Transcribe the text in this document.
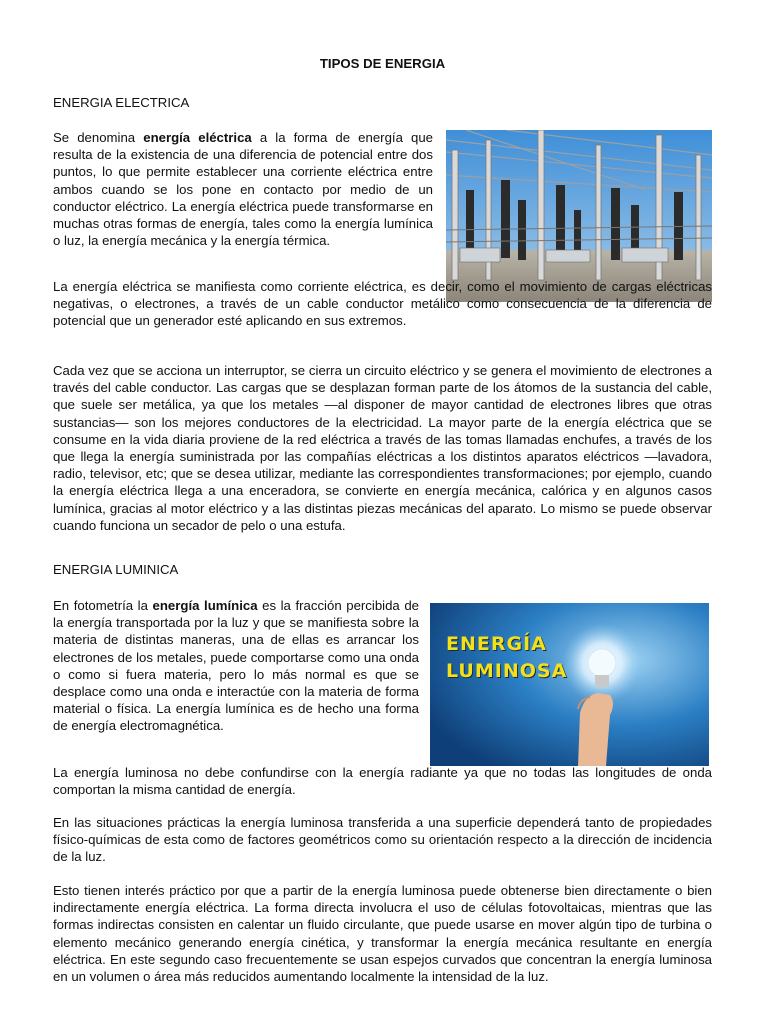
TIPOS DE ENERGIA
ENERGIA ELECTRICA

Se denomina energía eléctrica a la forma de energía que resulta de la existencia de una diferencia de potencial entre dos puntos, lo que permite establecer una corriente eléctrica entre ambos cuando se los pone en contacto por medio de un conductor eléctrico. La energía eléctrica puede transformarse en muchas otras formas de energía, tales como la energía lumínica o luz, la energía mecánica y la energía térmica.

La energía eléctrica se manifiesta como corriente eléctrica, es decir, como el movimiento de cargas eléctricas negativas, o electrones, a través de un cable conductor metálico como consecuencia de la diferencia de potencial que un generador esté aplicando en sus extremos.

Cada vez que se acciona un interruptor, se cierra un circuito eléctrico y se genera el movimiento de electrones a través del cable conductor. Las cargas que se desplazan forman parte de los átomos de la sustancia del cable, que suele ser metálica, ya que los metales —al disponer de mayor cantidad de electrones libres que otras sustancias— son los mejores conductores de la electricidad. La mayor parte de la energía eléctrica que se consume en la vida diaria proviene de la red eléctrica a través de las tomas llamadas enchufes, a través de los que llega la energía suministrada por las compañías eléctricas a los distintos aparatos eléctricos —lavadora, radio, televisor, etc; que se desea utilizar, mediante las correspondientes transformaciones; por ejemplo, cuando la energía eléctrica llega a una enceradora, se convierte en energía mecánica, calórica y en algunos casos lumínica, gracias al motor eléctrico y a las distintas piezas mecánicas del aparato. Lo mismo se puede observar cuando funciona un secador de pelo o una estufa.

ENERGIA LUMINICA
ENERGÍA
LUMINOSA

En fotometría la energía lumínica es la fracción percibida de la energía transportada por la luz y que se manifiesta sobre la materia de distintas maneras, una de ellas es arrancar los electrones de los metales, puede comportarse como una onda o como si fuera materia, pero lo más normal es que se desplace como una onda e interactúe con la materia de forma material o física. La energía lumínica es de hecho una forma de energía electromagnética.

La energía luminosa no debe confundirse con la energía radiante ya que no todas las longitudes de onda comportan la misma cantidad de energía.

En las situaciones prácticas la energía luminosa transferida a una superficie dependerá tanto de propiedades físico-químicas de esta como de factores geométricos como su orientación respecto a la dirección de incidencia de la luz.

Esto tienen interés práctico por que a partir de la energía luminosa puede obtenerse bien directamente o bien indirectamente energía eléctrica. La forma directa involucra el uso de células fotovoltaicas, mientras que las formas indirectas consisten en calentar un fluido circulante, que puede usarse en mover algún tipo de turbina o elemento mecánico generando energía cinética, y transformar la energía mecánica resultante en energía eléctrica. En este segundo caso frecuentemente se usan espejos curvados que concentran la energía luminosa en un volumen o área más reducidos aumentando localmente la intensidad de la luz.
